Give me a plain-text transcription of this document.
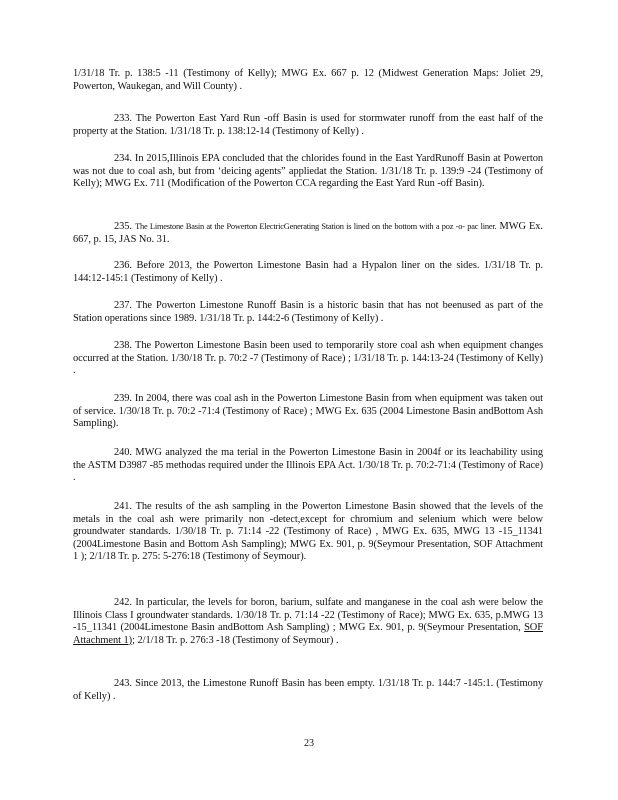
1/31/18 Tr. p. 138:5 -11 (Testimony of Kelly); MWG Ex. 667 p. 12 (Midwest Generation Maps: Joliet 29, Powerton, Waukegan, and Will County) .

233. The Powerton East Yard Run -off Basin is used for stormwater runoff from the east half of the property at the Station. 1/31/18 Tr. p. 138:12-14 (Testimony of Kelly) .

234. In 2015,Illinois EPA concluded that the chlorides found in the East YardRunoff Basin at Powerton was not due to coal ash, but from ‘deicing agents” appliedat the Station. 1/31/18 Tr. p. 139:9 -24 (Testimony of Kelly); MWG Ex. 711 (Modification of the Powerton CCA regarding the East Yard Run -off Basin).

235. The Limestone Basin at the Powerton ElectricGenerating Station is lined on the bottom with a poz -o- pac liner. MWG Ex. 667, p. 15, JAS No. 31.

236. Before 2013, the Powerton Limestone Basin had a Hypalon liner on the sides. 1/31/18 Tr. p. 144:12-145:1 (Testimony of Kelly) .

237. The Powerton Limestone Runoff Basin is a historic basin that has not beenused as part of the Station operations since 1989. 1/31/18 Tr. p. 144:2-6 (Testimony of Kelly) .

238. The Powerton Limestone Basin been used to temporarily store coal ash when equipment changes occurred at the Station. 1/30/18 Tr. p. 70:2 -7 (Testimony of Race) ; 1/31/18 Tr. p. 144:13-24 (Testimony of Kelly) .

239. In 2004, there was coal ash in the Powerton Limestone Basin from when equipment was taken out of service. 1/30/18 Tr. p. 70:2 -71:4 (Testimony of Race) ; MWG Ex. 635 (2004 Limestone Basin andBottom Ash Sampling).

240. MWG analyzed the ma terial in the Powerton Limestone Basin in 2004f or its leachability using the ASTM D3987 -85 methodas required under the Illinois EPA Act. 1/30/18 Tr. p. 70:2-71:4 (Testimony of Race) .

241. The results of the ash sampling in the Powerton Limestone Basin showed that the levels of the metals in the coal ash were primarily non -detect,except for chromium and selenium which were below groundwater standards. 1/30/18 Tr. p. 71:14 -22 (Testimony of Race) , MWG Ex. 635, MWG 13 -15_11341 (2004Limestone Basin and Bottom Ash Sampling); MWG Ex. 901, p. 9(Seymour Presentation, SOF Attachment 1 ); 2/1/18 Tr. p. 275: 5-276:18 (Testimony of Seymour).

242. In particular, the levels for boron, barium, sulfate and manganese in the coal ash were below the Illinois Class I groundwater standards. 1/30/18 Tr. p. 71:14 -22 (Testimony of Race); MWG Ex. 635, p.MWG 13 -15_11341 (2004Limestone Basin andBottom Ash Sampling) ; MWG Ex. 901, p. 9(Seymour Presentation, SOF Attachment 1); 2/1/18 Tr. p. 276:3 -18 (Testimony of Seymour) .

243. Since 2013, the Limestone Runoff Basin has been empty. 1/31/18 Tr. p. 144:7 -145:1. (Testimony of Kelly) .

23
